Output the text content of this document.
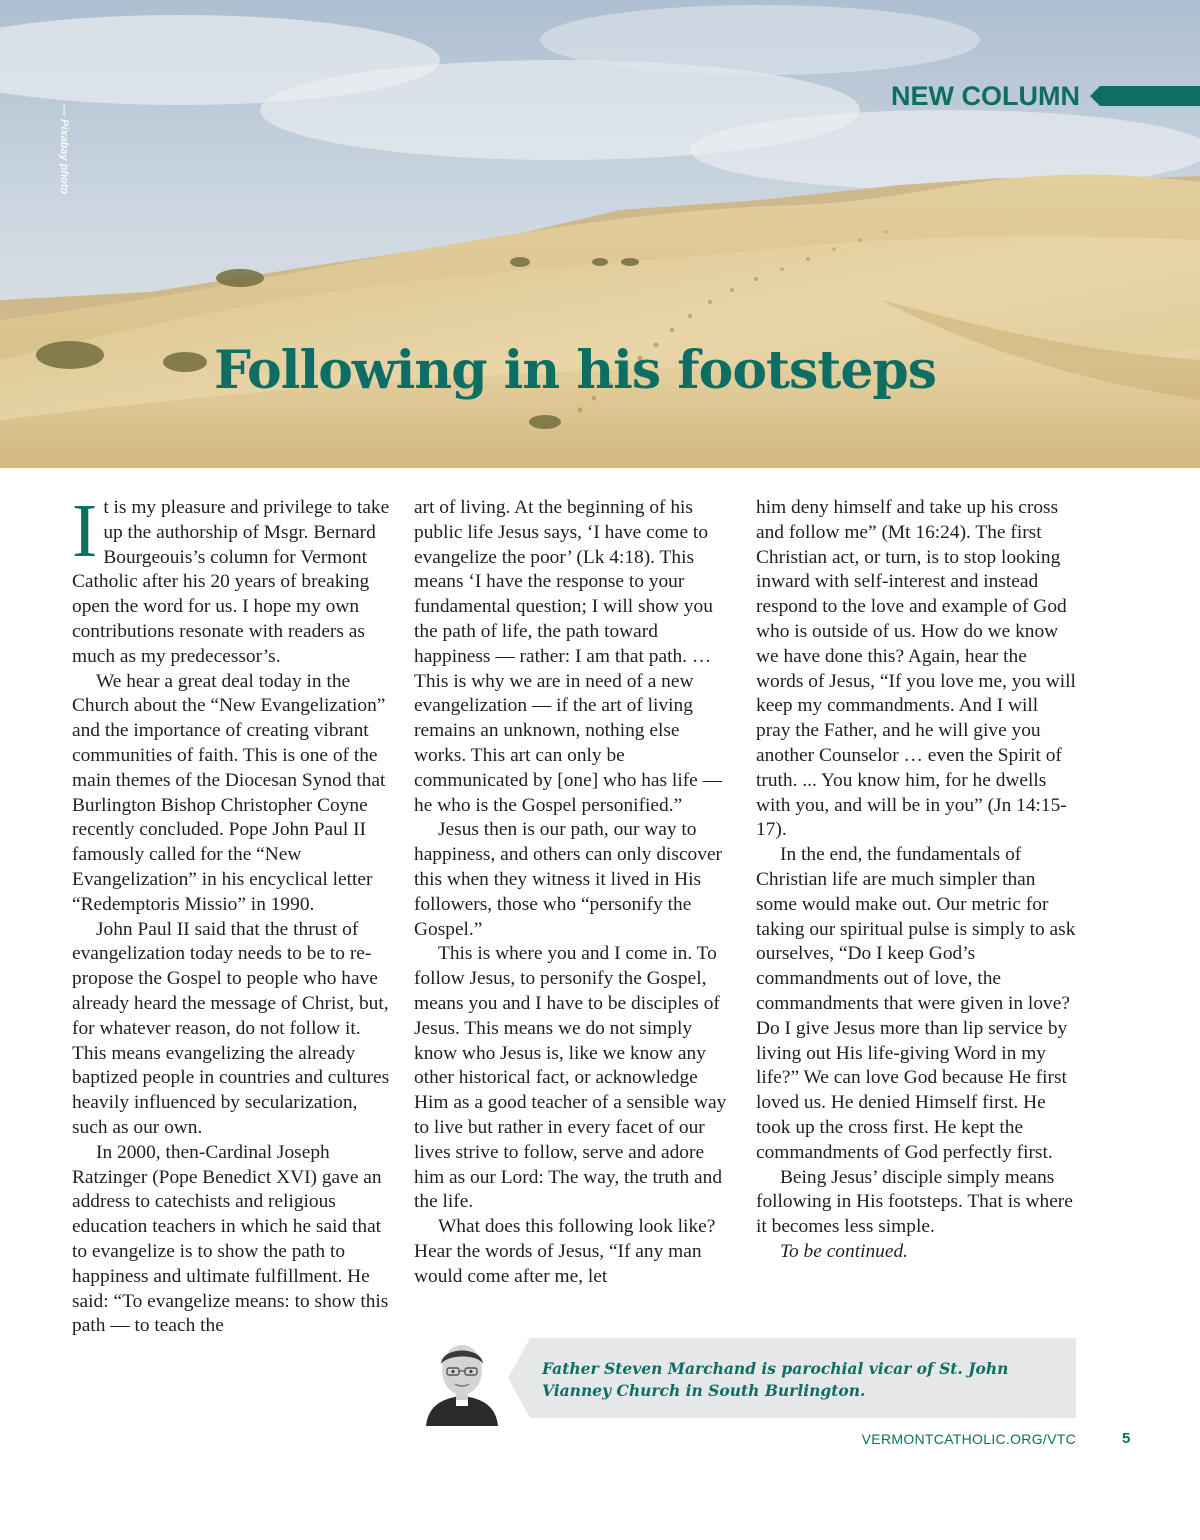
— Pixabay photo
NEW COLUMN
Following in his footsteps

It is my pleasure and privilege to take up the authorship of Msgr. Bernard Bourgeouis’s column for Vermont Catholic after his 20 years of breaking open the word for us. I hope my own contributions resonate with readers as much as my predecessor’s.

We hear a great deal today in the Church about the “New Evangelization” and the importance of creating vibrant communities of faith. This is one of the main themes of the Diocesan Synod that Burlington Bishop Christopher Coyne recently concluded. Pope John Paul II famously called for the “New Evangelization” in his encyclical letter “Redemptoris Missio” in 1990.

John Paul II said that the thrust of evangelization today needs to be to re-propose the Gospel to people who have already heard the message of Christ, but, for whatever reason, do not follow it. This means evangelizing the already baptized people in countries and cultures heavily influenced by secularization, such as our own.

In 2000, then-Cardinal Joseph Ratzinger (Pope Benedict XVI) gave an address to catechists and religious education teachers in which he said that to evangelize is to show the path to happiness and ultimate fulfillment. He said: “To evangelize means: to show this path — to teach the

art of living. At the beginning of his public life Jesus says, ‘I have come to evangelize the poor’ (Lk 4:18). This means ‘I have the response to your fundamental question; I will show you the path of life, the path toward happiness — rather: I am that path. … This is why we are in need of a new evangelization — if the art of living remains an unknown, nothing else works. This art can only be communicated by [one] who has life — he who is the Gospel personified.”

Jesus then is our path, our way to happiness, and others can only discover this when they witness it lived in His followers, those who “personify the Gospel.”

This is where you and I come in. To follow Jesus, to personify the Gospel, means you and I have to be disciples of Jesus. This means we do not simply know who Jesus is, like we know any other historical fact, or acknowledge Him as a good teacher of a sensible way to live but rather in every facet of our lives strive to follow, serve and adore him as our Lord: The way, the truth and the life.

What does this following look like? Hear the words of Jesus, “If any man would come after me, let

him deny himself and take up his cross and follow me” (Mt 16:24). The first Christian act, or turn, is to stop looking inward with self-interest and instead respond to the love and example of God who is outside of us. How do we know we have done this? Again, hear the words of Jesus, “If you love me, you will keep my commandments. And I will pray the Father, and he will give you another Counselor … even the Spirit of truth. ... You know him, for he dwells with you, and will be in you” (Jn 14:15-17).

In the end, the fundamentals of Christian life are much simpler than some would make out. Our metric for taking our spiritual pulse is simply to ask ourselves, “Do I keep God’s commandments out of love, the commandments that were given in love? Do I give Jesus more than lip service by living out His life-giving Word in my life?” We can love God because He first loved us. He denied Himself first. He took up the cross first. He kept the commandments of God perfectly first.

Being Jesus’ disciple simply means following in His footsteps. That is where it becomes less simple.

To be continued.

Father Steven Marchand is parochial vicar of St. John Vianney Church in South Burlington.
VERMONTCATHOLIC.ORG/VTC	5
